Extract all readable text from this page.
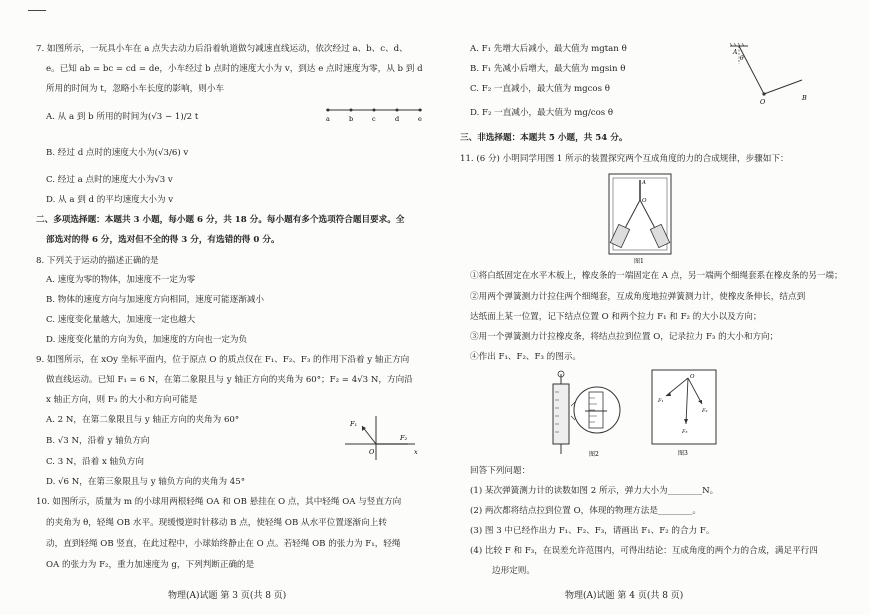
7. 如图所示，一玩具小车在 a 点失去动力后沿着轨道做匀减速直线运动，依次经过 a、b、c、d、
e。已知 ab = bc = cd = de，小车经过 b 点时的速度大小为 v，到达 e 点时速度为零，从 b 到 d
所用的时间为 t，忽略小车长度的影响，则小车
A. 从 a 到 b 所用的时间为(√3 − 1)/2 t
B. 经过 d 点时的速度大小为(√3/6) v
C. 经过 a 点时的速度大小为√3 v
D. 从 a 到 d 的平均速度大小为 v
a	b	c	d	e
二、多项选择题：本题共 3 小题，每小题 6 分，共 18 分。每小题有多个选项符合题目要求。全
部选对的得 6 分，选对但不全的得 3 分，有选错的得 0 分。
8. 下列关于运动的描述正确的是
A. 速度为零的物体，加速度不一定为零
B. 物体的速度方向与加速度方向相同，速度可能逐渐减小
C. 速度变化量越大，加速度一定也越大
D. 速度变化量的方向为负，加速度的方向也一定为负
9. 如图所示，在 xOy 坐标平面内，位于原点 O 的质点仅在 F₁、F₂、F₃ 的作用下沿着 y 轴正方向
做直线运动。已知 F₁ = 6 N，在第二象限且与 y 轴正方向的夹角为 60°；F₂ = 4√3 N，方向沿
x 轴正方向，则 F₃ 的大小和方向可能是
A. 2 N，在第二象限且与 y 轴正方向的夹角为 60°
B. √3 N，沿着 y 轴负方向
C. 3 N，沿着 x 轴负方向
D. √6 N，在第三象限且与 y 轴负方向的夹角为 45°
F₁
F₂
O	x
10. 如图所示，质量为 m 的小球用两根轻绳 OA 和 OB 悬挂在 O 点，其中轻绳 OA 与竖直方向
的夹角为 θ，轻绳 OB 水平。现缓慢逆时针移动 B 点，使轻绳 OB 从水平位置逐渐向上转
动，直到轻绳 OB 竖直，在此过程中，小球始终静止在 O 点。若轻绳 OB 的张力为 F₁，轻绳
OA 的张力为 F₂，重力加速度为 g，下列判断正确的是
物理(A)试题 第 3 页(共 8 页)
A. F₁ 先增大后减小，最大值为 mgtan θ
B. F₁ 先减小后增大，最大值为 mgsin θ
C. F₂ 一直减小，最大值为 mgcos θ
D. F₂ 一直减小，最大值为 mg/cos θ
A
θ
O	B
三、非选择题：本题共 5 小题，共 54 分。
11. (6 分) 小明同学用图 1 所示的装置探究两个互成角度的力的合成规律，步骤如下：
A
O
图1
①将白纸固定在水平木板上，橡皮条的一端固定在 A 点，另一端两个细绳套系在橡皮条的另一端；
②用两个弹簧测力计拉住两个细绳套，互成角度地拉弹簧测力计，使橡皮条伸长，结点到
达纸面上某一位置，记下结点位置 O 和两个拉力 F₁ 和 F₂ 的大小以及方向；
③用一个弹簧测力计拉橡皮条，将结点拉到位置 O，记录拉力 F₃ 的大小和方向；
④作出 F₁、F₂、F₃ 的图示。
图2
O
F₁
F₂
F₃
图3
回答下列问题：
(1) 某次弹簧测力计的读数如图 2 所示，弹力大小为________N。
(2) 两次都将结点拉到位置 O，体现的物理方法是________。
(3) 图 3 中已经作出力 F₁、F₂、F₃，请画出 F₁、F₂ 的合力 F。
(4) 比较 F 和 F₃，在误差允许范围内，可得出结论：互成角度的两个力的合成，满足平行四
边形定则。
物理(A)试题 第 4 页(共 8 页)
